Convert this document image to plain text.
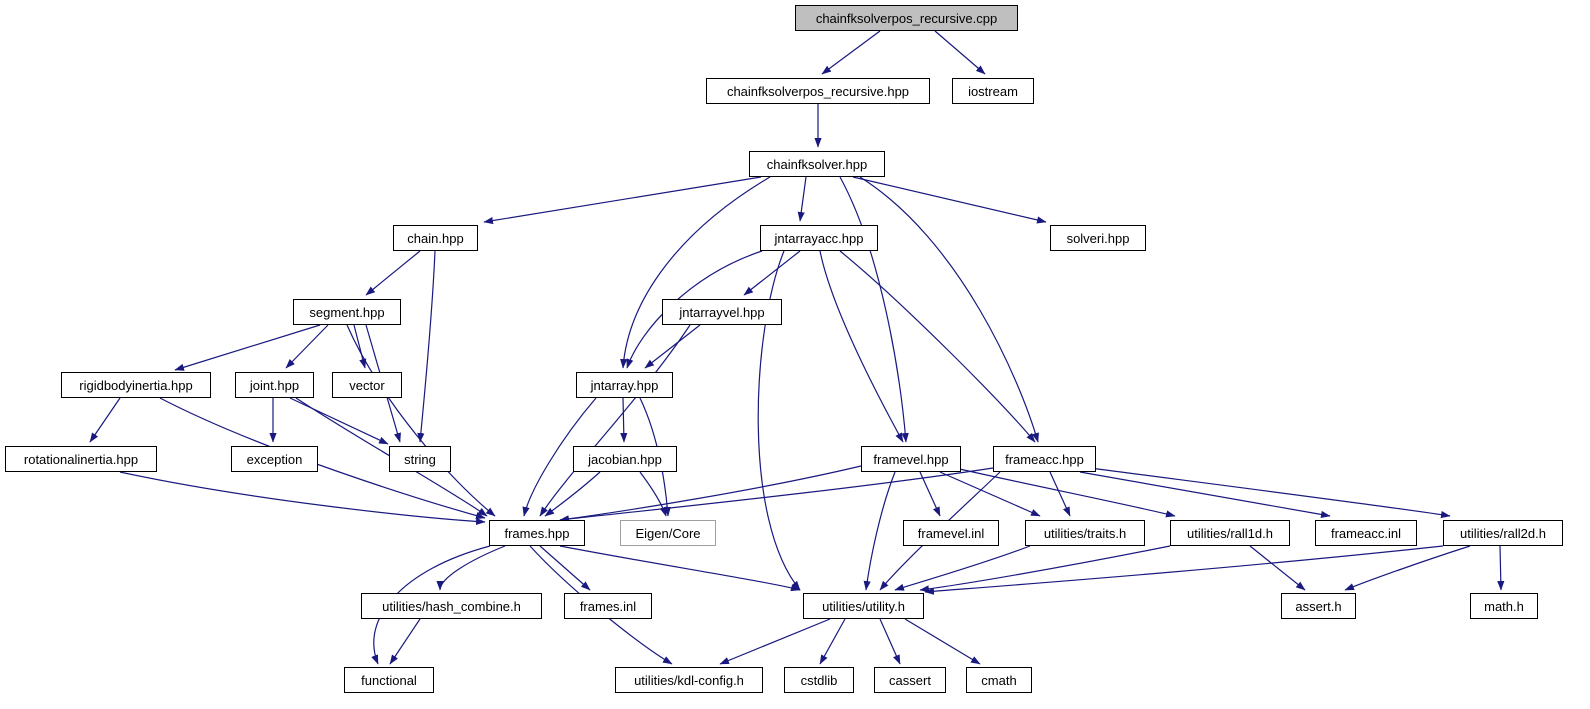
chainfksolverpos_recursive.cpp
chainfksolverpos_recursive.hpp	iostream
chainfksolver.hpp
chain.hpp	jntarrayacc.hpp	solveri.hpp
segment.hpp	jntarrayvel.hpp
rigidbodyinertia.hpp	joint.hpp	vector	jntarray.hpp
rotationalinertia.hpp	exception	string	jacobian.hpp	framevel.hpp	frameacc.hpp
frames.hpp	Eigen/Core	framevel.inl	utilities/traits.h	utilities/rall1d.h	frameacc.inl	utilities/rall2d.h
utilities/hash_combine.h	frames.inl	utilities/utility.h	assert.h	math.h
functional	utilities/kdl-config.h	cstdlib	cassert	cmath
